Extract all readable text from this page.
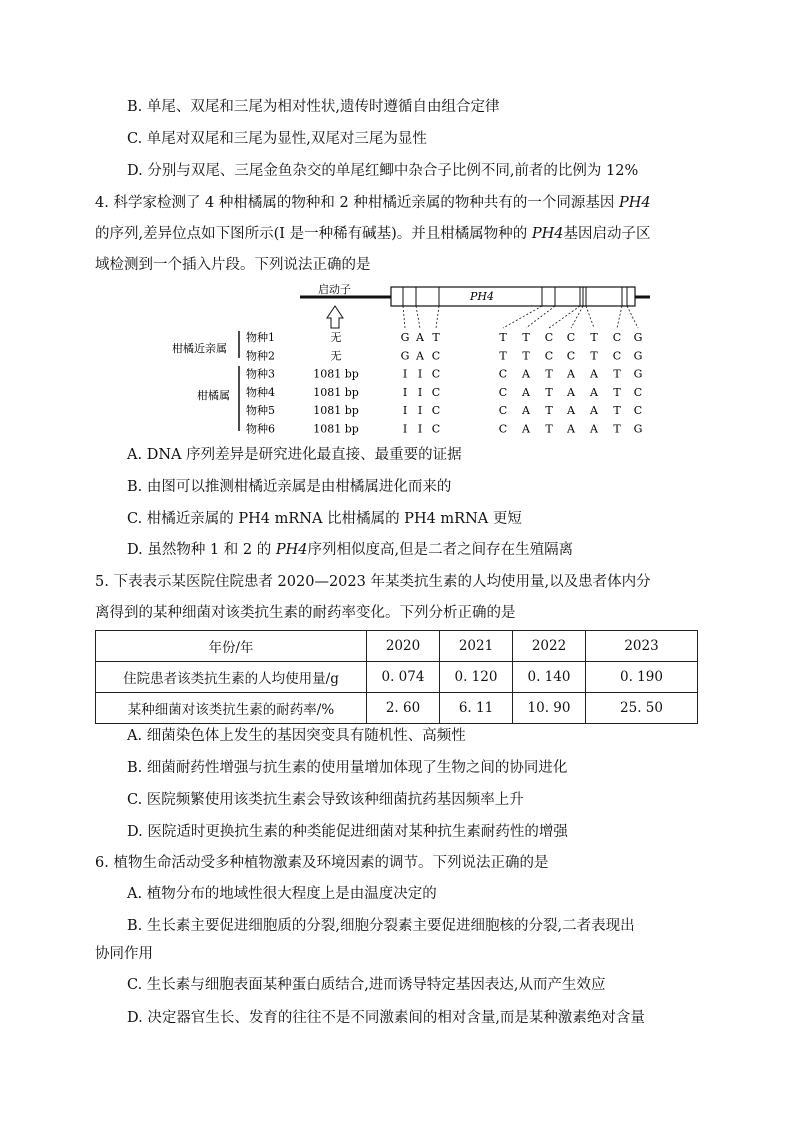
B. 单尾、双尾和三尾为相对性状,遗传时遵循自由组合定律
C. 单尾对双尾和三尾为显性,双尾对三尾为显性
D. 分别与双尾、三尾金鱼杂交的单尾红鲫中杂合子比例不同,前者的比例为 12%
4. 科学家检测了 4 种柑橘属的物种和 2 种柑橘近亲属的物种共有的一个同源基因 PH4
的序列,差异位点如下图所示(I 是一种稀有碱基)。并且柑橘属物种的 PH4基因启动子区
域检测到一个插入片段。下列说法正确的是
启动子
PH4
柑橘近亲属
柑橘属
物种1	无	G A T	T T C C T C G
物种2	无	G A C	T T C C T C G
物种3	1081 bp	I I C	C A T A A T G
物种4	1081 bp	I I C	C A T A A T C
物种5	1081 bp	I I C	C A T A A T C
物种6	1081 bp	I I C	C A T A A T G
A. DNA 序列差异是研究进化最直接、最重要的证据
B. 由图可以推测柑橘近亲属是由柑橘属进化而来的
C. 柑橘近亲属的 PH4 mRNA 比柑橘属的 PH4 mRNA 更短
D. 虽然物种 1 和 2 的 PH4序列相似度高,但是二者之间存在生殖隔离
5. 下表表示某医院住院患者 2020—2023 年某类抗生素的人均使用量,以及患者体内分
离得到的某种细菌对该类抗生素的耐药率变化。下列分析正确的是
年份/年	2020	2021	2022	2023
住院患者该类抗生素的人均使用量/g	0. 074	0. 120	0. 140	0. 190
某种细菌对该类抗生素的耐药率/%	2. 60	6. 11	10. 90	25. 50
A. 细菌染色体上发生的基因突变具有随机性、高频性
B. 细菌耐药性增强与抗生素的使用量增加体现了生物之间的协同进化
C. 医院频繁使用该类抗生素会导致该种细菌抗药基因频率上升
D. 医院适时更换抗生素的种类能促进细菌对某种抗生素耐药性的增强
6. 植物生命活动受多种植物激素及环境因素的调节。下列说法正确的是
A. 植物分布的地域性很大程度上是由温度决定的
B. 生长素主要促进细胞质的分裂,细胞分裂素主要促进细胞核的分裂,二者表现出
协同作用
C. 生长素与细胞表面某种蛋白质结合,进而诱导特定基因表达,从而产生效应
D. 决定器官生长、发育的往往不是不同激素间的相对含量,而是某种激素绝对含量
